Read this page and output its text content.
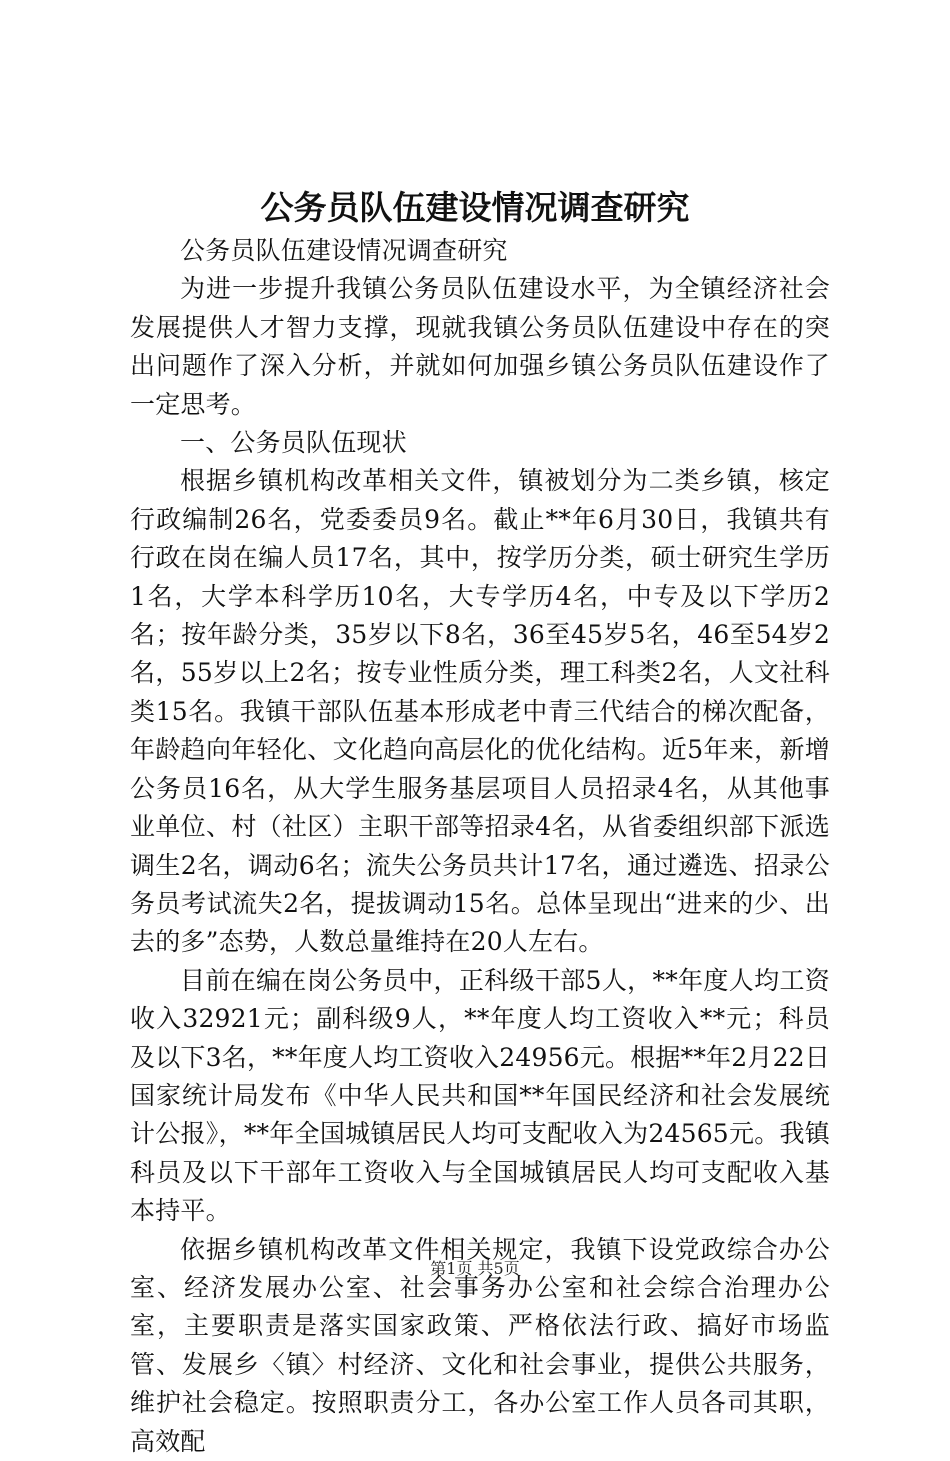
公务员队伍建设情况调查研究

公务员队伍建设情况调查研究

为进一步提升我镇公务员队伍建设水平，为全镇经济社会发展提供人才智力支撑，现就我镇公务员队伍建设中存在的突出问题作了深入分析，并就如何加强乡镇公务员队伍建设作了一定思考。

一、公务员队伍现状

根据乡镇机构改革相关文件，镇被划分为二类乡镇，核定行政编制26名，党委委员9名。截止**年6月30日，我镇共有行政在岗在编人员17名，其中，按学历分类，硕士研究生学历1名，大学本科学历10名，大专学历4名，中专及以下学历2名；按年龄分类，35岁以下8名，36至45岁5名，46至54岁2名，55岁以上2名；按专业性质分类，理工科类2名，人文社科类15名。我镇干部队伍基本形成老中青三代结合的梯次配备，年龄趋向年轻化、文化趋向高层化的优化结构。近5年来，新增公务员16名，从大学生服务基层项目人员招录4名，从其他事业单位、村（社区）主职干部等招录4名，从省委组织部下派选调生2名，调动6名；流失公务员共计17名，通过遴选、招录公务员考试流失2名，提拔调动15名。总体呈现出“进来的少、出去的多”态势，人数总量维持在20人左右。

目前在编在岗公务员中，正科级干部5人，**年度人均工资收入32921元；副科级9人，**年度人均工资收入**元；科员及以下3名，**年度人均工资收入24956元。根据**年2月22日国家统计局发布《中华人民共和国**年国民经济和社会发展统计公报》，**年全国城镇居民人均可支配收入为24565元。我镇科员及以下干部年工资收入与全国城镇居民人均可支配收入基本持平。

依据乡镇机构改革文件相关规定，我镇下设党政综合办公室、经济发展办公室、社会事务办公室和社会综合治理办公室，主要职责是落实国家政策、严格依法行政、搞好市场监管、发展乡〈镇〉村经济、文化和社会事业，提供公共服务，维护社会稳定。按照职责分工，各办公室工作人员各司其职，高效配

第1页 共5页
